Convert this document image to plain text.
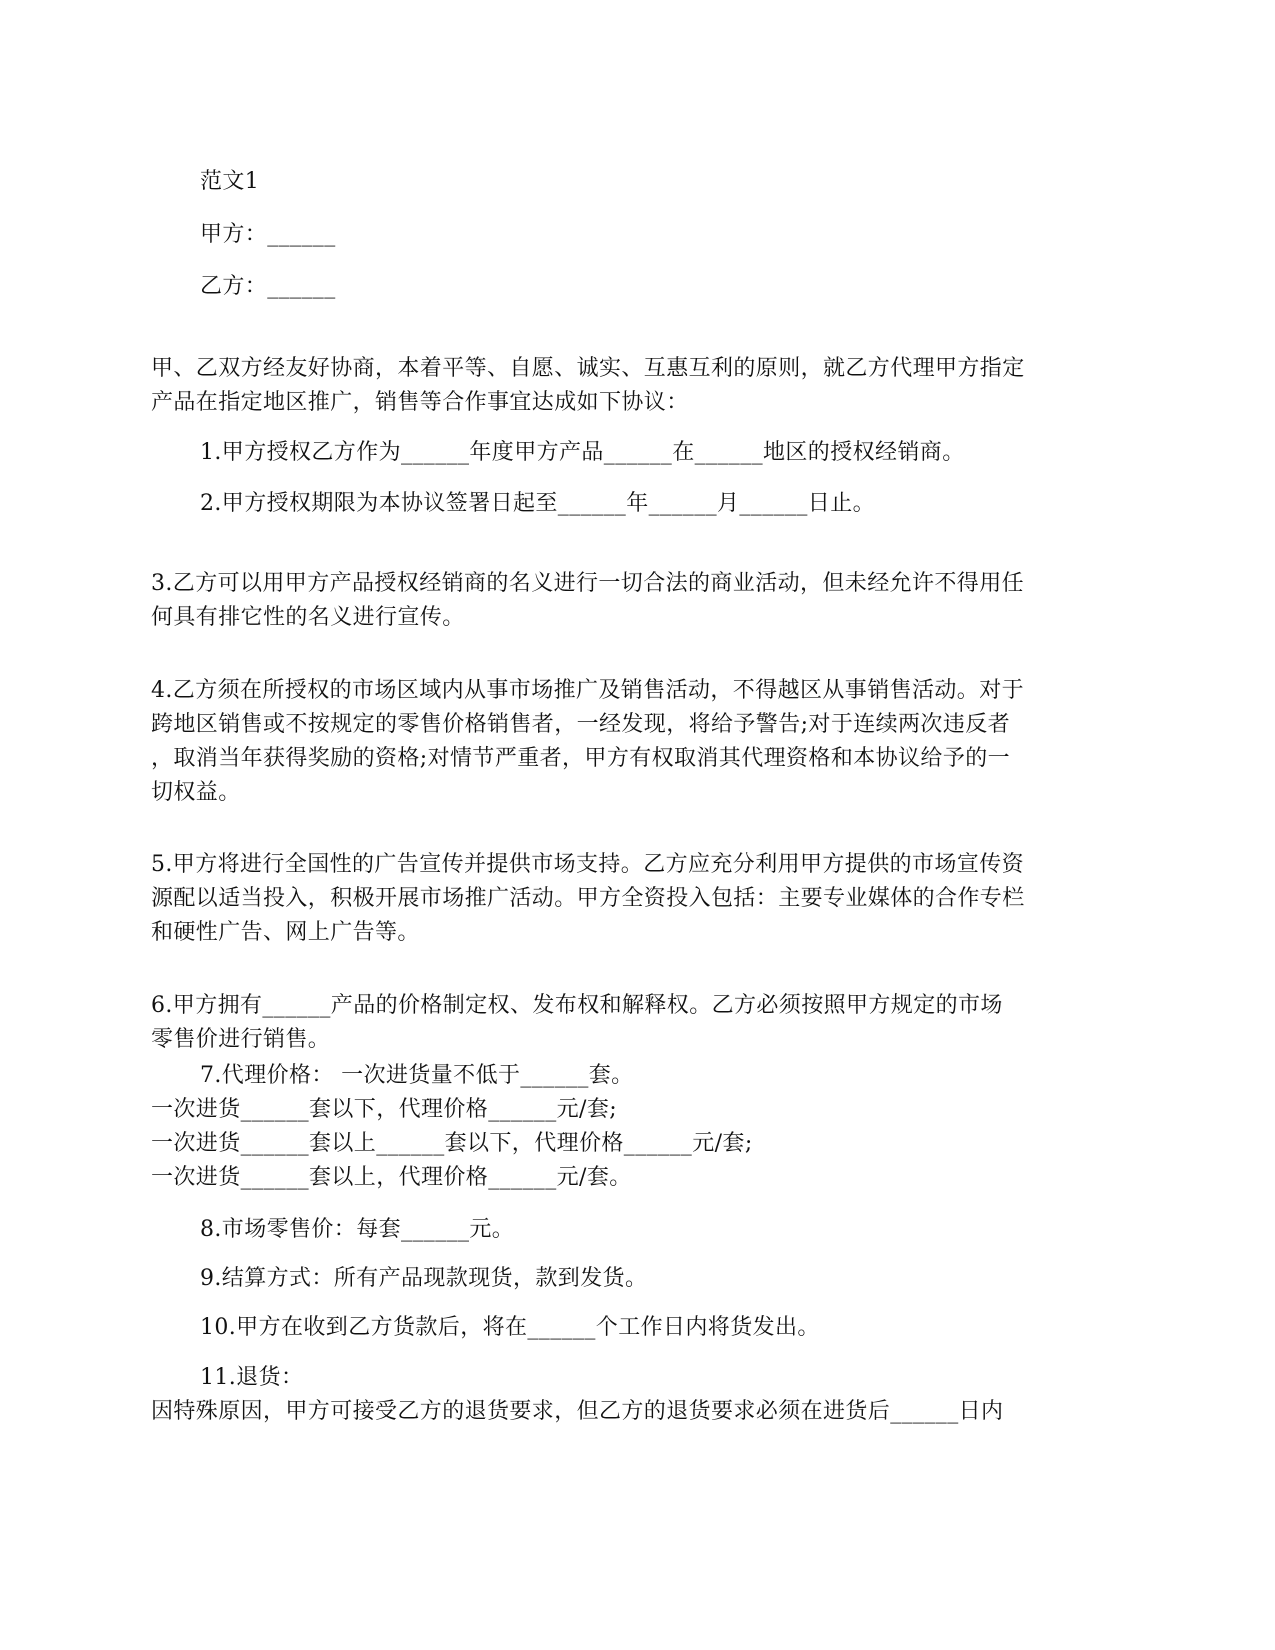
范文1

甲方：______

乙方：______

甲、乙双方经友好协商，本着平等、自愿、诚实、互惠互利的原则，就乙方代理甲方指定
产品在指定地区推广，销售等合作事宜达成如下协议：

1.甲方授权乙方作为______年度甲方产品______在______地区的授权经销商。

2.甲方授权期限为本协议签署日起至______年______月______日止。

3.乙方可以用甲方产品授权经销商的名义进行一切合法的商业活动，但未经允许不得用任
何具有排它性的名义进行宣传。

4.乙方须在所授权的市场区域内从事市场推广及销售活动，不得越区从事销售活动。对于
跨地区销售或不按规定的零售价格销售者，一经发现，将给予警告;对于连续两次违反者
，取消当年获得奖励的资格;对情节严重者，甲方有权取消其代理资格和本协议给予的一
切权益。

5.甲方将进行全国性的广告宣传并提供市场支持。乙方应充分利用甲方提供的市场宣传资
源配以适当投入，积极开展市场推广活动。甲方全资投入包括：主要专业媒体的合作专栏
和硬性广告、网上广告等。

6.甲方拥有______产品的价格制定权、发布权和解释权。乙方必须按照甲方规定的市场
零售价进行销售。

7.代理价格： 一次进货量不低于______套。

一次进货______套以下，代理价格______元/套;

一次进货______套以上______套以下，代理价格______元/套;

一次进货______套以上，代理价格______元/套。

8.市场零售价：每套______元。

9.结算方式：所有产品现款现货，款到发货。

10.甲方在收到乙方货款后，将在______个工作日内将货发出。

11.退货：

因特殊原因，甲方可接受乙方的退货要求，但乙方的退货要求必须在进货后______日内
